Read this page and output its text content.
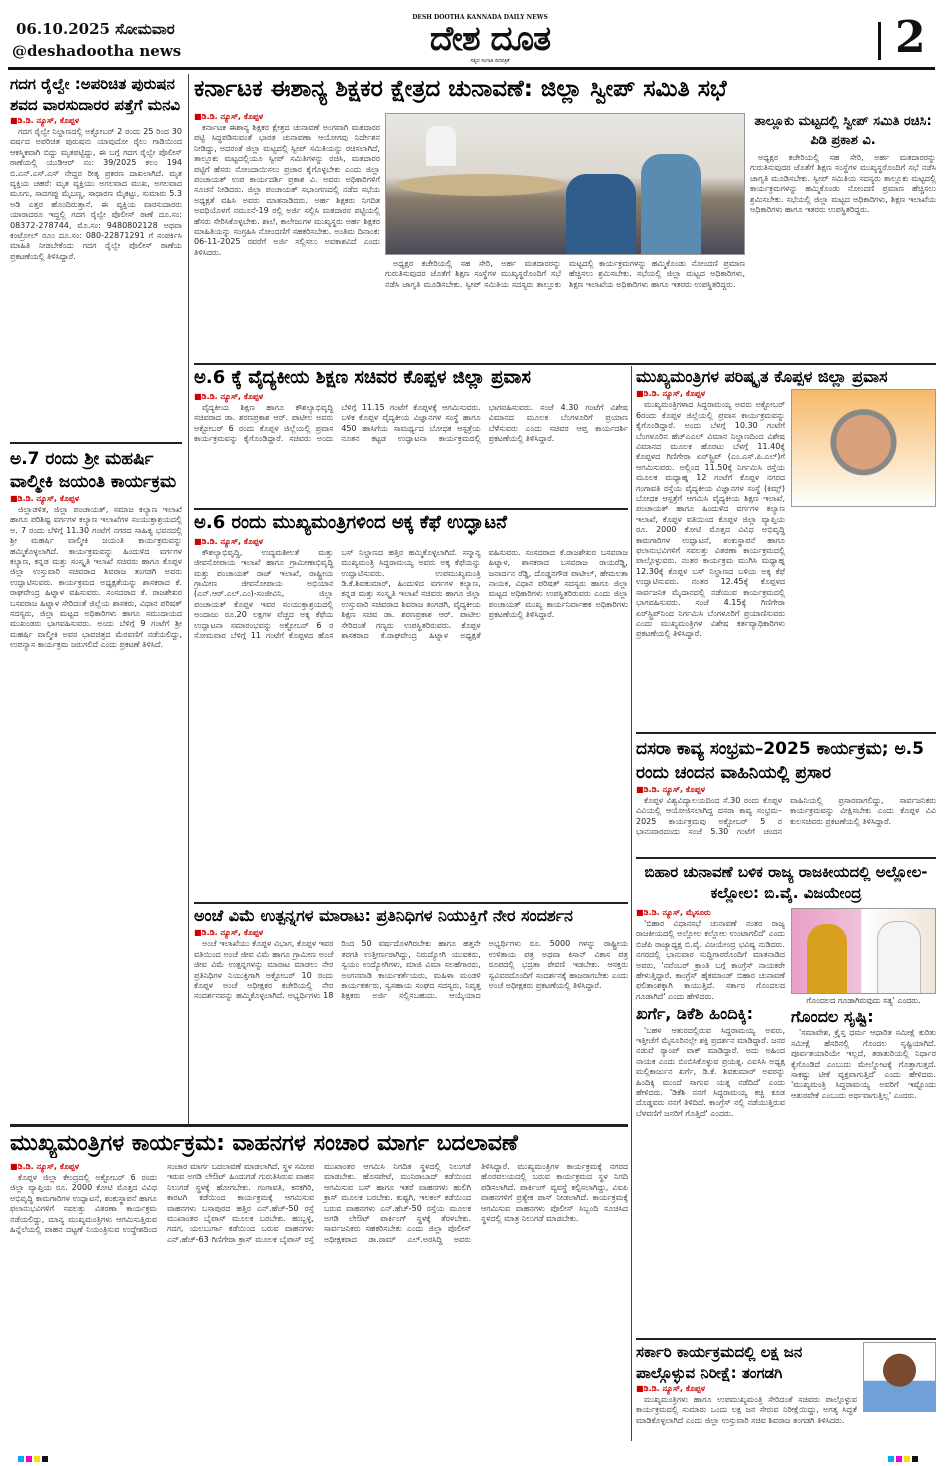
06.10.2025 ಸೋಮವಾರ
@deshadootha news
DESH DOOTHA KANNADA DAILY NEWS
ದೇಶ ದೂತ
ಸತ್ಯದ ಸಂಗಾತಿ ದಿನಪತ್ರಿಕೆ	2
ಗದಗ ರೈಲ್ವೇ :ಅಪರಿಚಿತ ಪುರುಷನ ಶವದ ವಾರಸುದಾರರ ಪತ್ತೆಗೆ ಮನವಿ
■ಡಿ.ಡಿ. ನ್ಯೂಸ್, ಕೊಪ್ಪಳ

ಗದಗ ರೈಲ್ವೇ ನಿಲ್ದಾಣದಲ್ಲಿ ಅಕ್ಟೋಬರ್ 2 ರಂದು 25 ರಿಂದ 30 ವರ್ಷದ ಅಪರಿಚಿತ ಪುರುಷನು ಯಾವುದೋ ರೈಲು ಗಾಡಿಯಿಂದ ಆಕಸ್ಮಿಕವಾಗಿ ಬಿದ್ದು ಮೃತಪಟ್ಟಿದ್ದು, ಈ ಬಗ್ಗೆ ಗದಗ ರೈಲ್ವೇ ಪೊಲೀಸ್ ಠಾಣೆಯಲ್ಲಿ ಯುಡಿಆರ್ ನಂ: 39/2025 ಕಲಂ 194 ಬಿ.ಎನ್.ಎಸ್.ಎಸ್ ನೇದ್ದರ ರೀತ್ಯ ಪ್ರಕರಣ ದಾಖಲಾಗಿದೆ. ಮೃತ ವ್ಯಕ್ತಿಯ ಚಹರೆ: ಮೃತ ವ್ಯಕ್ತಿಯು ಅಗಲವಾದ ಮುಖ, ಅಗಲವಾದ ಮೂಗು, ಸಾದಗಪ್ಪು ಮೈಬಣ್ಣ, ಸಾಧಾರಣ ಮೈಕಟ್ಟು, ಸುಮಾರು 5.3 ಅಡಿ ಎತ್ತರ ಹೊಂದಿರುತ್ತಾನೆ. ಈ ವ್ಯಕ್ತಿಯ ವಾರಸುದಾರರು ಯಾರಾದರೂ ಇದ್ದಲ್ಲಿ ಗದಗ ರೈಲ್ವೇ ಪೊಲೀಸ್ ಠಾಣೆ ದೂ.ಸಂ: 08372-278744, ಮೊ.ಸಂ: 9480802128 ಅಥವಾ ಕಂಟ್ರೋಲ್ ರೂಂ ದೂ.ಸಂ: 080-22871291 ಗೆ ಸಂಪರ್ಕಿಸಿ ಮಾಹಿತಿ ನೀಡಬೇಕೆಂದು ಗದಗ ರೈಲ್ವೇ ಪೊಲೀಸ್ ಠಾಣೆಯ ಪ್ರಕಟಣೆಯಲ್ಲಿ ತಿಳಿಸಿದ್ದಾರೆ.

ಅ.7 ರಂದು ಶ್ರೀ ಮಹರ್ಷಿ ವಾಲ್ಮೀಕಿ ಜಯಂತಿ ಕಾರ್ಯಕ್ರಮ
■ಡಿ.ಡಿ. ನ್ಯೂಸ್, ಕೊಪ್ಪಳ

ಜಿಲ್ಲಾಡಳಿತ, ಜಿಲ್ಲಾ ಪಂಚಾಯತ್, ಸಮಾಜ ಕಲ್ಯಾಣ ಇಲಾಖೆ ಹಾಗೂ ಪರಿಶಿಷ್ಟ ವರ್ಗಗಳ ಕಲ್ಯಾಣ ಇಲಾಖೆಗಳ ಸಂಯುಕ್ತಾಶ್ರಯದಲ್ಲಿ ಅ. 7 ರಂದು ಬೆಳಿಗ್ಗೆ 11.30 ಗಂಟೆಗೆ ನಗರದ ಸಾಹಿತ್ಯ ಭವನದಲ್ಲಿ ಶ್ರೀ ಮಹರ್ಷಿ ವಾಲ್ಮೀಕಿ ಜಯಂತಿ ಕಾರ್ಯಕ್ರಮವನ್ನು ಹಮ್ಮಿಕೊಳ್ಳಲಾಗಿದೆ. ಕಾರ್ಯಕ್ರಮವನ್ನು ಹಿಂದುಳಿದ ವರ್ಗಗಳ ಕಲ್ಯಾಣ, ಕನ್ನಡ ಮತ್ತು ಸಂಸ್ಕೃತಿ ಇಲಾಖೆ ಸಚಿವರು ಹಾಗೂ ಕೊಪ್ಪಳ ಜಿಲ್ಲಾ ಉಸ್ತುವಾರಿ ಸಚಿವರಾದ ಶಿವರಾಜ ತಂಗಡಗಿ ಅವರು ಉದ್ಘಾಟಿಸುವರು. ಕಾರ್ಯಕ್ರಮದ ಅಧ್ಯಕ್ಷತೆಯನ್ನು ಶಾಸಕರಾದ ಕೆ. ರಾಘವೇಂದ್ರ ಹಿಟ್ನಾಳ ವಹಿಸುವರು. ಸಂಸದರಾದ ಕೆ. ರಾಜಶೇಖರ ಬಸವರಾಜ ಹಿಟ್ನಾಳ ಸೇರಿದಂತೆ ಜಿಲ್ಲೆಯ ಶಾಸಕರು, ವಿಧಾನ ಪರಿಷತ್ ಸದಸ್ಯರು, ಜಿಲ್ಲಾ ಮಟ್ಟದ ಅಧಿಕಾರಿಗಳು ಹಾಗೂ ಸಮುದಾಯದ ಮುಖಂಡರು ಭಾಗವಹಿಸುವರು. ಅಂದು ಬೆಳಿಗ್ಗೆ 9 ಗಂಟೆಗೆ ಶ್ರೀ ಮಹರ್ಷಿ ವಾಲ್ಮೀಕಿ ಅವರ ಭಾವಚಿತ್ರದ ಮೆರವಣಿಗೆ ನಡೆಯಲಿದ್ದು, ಉಪನ್ಯಾಸ ಕಾರ್ಯಕ್ರಮ ಜರುಗಲಿದೆ ಎಂದು ಪ್ರಕಟಣೆ ತಿಳಿಸಿದೆ.

ಕರ್ನಾಟಕ ಈಶಾನ್ಯ ಶಿಕ್ಷಕರ ಕ್ಷೇತ್ರದ ಚುನಾವಣೆ: ಜಿಲ್ಲಾ ಸ್ವೀಪ್ ಸಮಿತಿ ಸಭೆ
■ಡಿ.ಡಿ. ನ್ಯೂಸ್, ಕೊಪ್ಪಳ

ಕರ್ನಾಟಕ ಈಶಾನ್ಯ ಶಿಕ್ಷಕರ ಕ್ಷೇತ್ರದ ಚುನಾವಣೆ ಅಂಗವಾಗಿ ಮತದಾರರ ಪಟ್ಟಿ ಸಿದ್ಧಪಡಿಸುವಂತೆ ಭಾರತ ಚುನಾವಣಾ ಆಯೋಗವು ನಿರ್ದೇಶನ ನೀಡಿದ್ದು, ಅದರಂತೆ ಜಿಲ್ಲಾ ಮಟ್ಟದಲ್ಲಿ ಸ್ವೀಪ್ ಸಮಿತಿಯನ್ನು ರಚಿಸಲಾಗಿದೆ, ತಾಲ್ಲೂಕು ಮಟ್ಟದಲ್ಲಿಯೂ ಸ್ವೀಪ್ ಸಮಿತಿಗಳನ್ನು ರಚಿಸಿ, ಮತದಾರರ ಪಟ್ಟಿಗೆ ಹೆಸರು ನೋಂದಾಯಿಸಲು ಪ್ರಚಾರ ಕೈಗೊಳ್ಳಬೇಕು ಎಂದು ಜಿಲ್ಲಾ ಪಂಚಾಯತ್ ಉಪ ಕಾರ್ಯದರ್ಶಿ ಪ್ರಕಾಶ ವಿ. ಅವರು ಅಧಿಕಾರಿಗಳಿಗೆ ಸೂಚನೆ ನೀಡಿದರು. ಜಿಲ್ಲಾ ಪಂಚಾಯತ್ ಸಭಾಂಗಣದಲ್ಲಿ ನಡೆದ ಸಭೆಯ ಅಧ್ಯಕ್ಷತೆ ವಹಿಸಿ ಅವರು ಮಾತನಾಡಿದರು. ಅರ್ಹ ಶಿಕ್ಷಕರು ನಿಗದಿತ ಅವಧಿಯೊಳಗೆ ನಮೂನೆ-19 ರಲ್ಲಿ ಅರ್ಜಿ ಸಲ್ಲಿಸಿ ಮತದಾರರ ಪಟ್ಟಿಯಲ್ಲಿ ಹೆಸರು ಸೇರಿಸಿಕೊಳ್ಳಬೇಕು. ಶಾಲೆ, ಕಾಲೇಜುಗಳ ಮುಖ್ಯಸ್ಥರು ಅರ್ಹ ಶಿಕ್ಷಕರ ಮಾಹಿತಿಯನ್ನು ಸಂಗ್ರಹಿಸಿ ನೋಂದಣಿಗೆ ಸಹಕರಿಸಬೇಕು. ಅಂತಿಮ ದಿನಾಂಕ: 06-11-2025 ರವರೆಗೆ ಅರ್ಜಿ ಸಲ್ಲಿಸಲು ಅವಕಾಶವಿದೆ ಎಂದು ತಿಳಿಸಿದರು.

ಅಧ್ಯಕ್ಷರ ಕಚೇರಿಯಲ್ಲಿ ಸಹ ಸೇರಿ, ಅರ್ಹ ಮತದಾರರನ್ನು ಗುರುತಿಸುವುದರ ಜೊತೆಗೆ ಶಿಕ್ಷಣ ಸಂಸ್ಥೆಗಳ ಮುಖ್ಯಸ್ಥರೊಂದಿಗೆ ಸಭೆ ನಡೆಸಿ ಜಾಗೃತಿ ಮೂಡಿಸಬೇಕು. ಸ್ವೀಪ್ ಸಮಿತಿಯ ಸದಸ್ಯರು ತಾಲ್ಲೂಕು ಮಟ್ಟದಲ್ಲಿ ಕಾರ್ಯಕ್ರಮಗಳನ್ನು ಹಮ್ಮಿಕೊಂಡು ನೋಂದಣಿ ಪ್ರಮಾಣ ಹೆಚ್ಚಿಸಲು ಶ್ರಮಿಸಬೇಕು. ಸಭೆಯಲ್ಲಿ ಜಿಲ್ಲಾ ಮಟ್ಟದ ಅಧಿಕಾರಿಗಳು, ಶಿಕ್ಷಣ ಇಲಾಖೆಯ ಅಧಿಕಾರಿಗಳು ಹಾಗೂ ಇತರರು ಉಪಸ್ಥಿತರಿದ್ದರು.

ತಾಲ್ಲೂಕು ಮಟ್ಟದಲ್ಲಿ ಸ್ವೀಪ್ ಸಮಿತಿ ರಚಿಸಿ: ಪಿಡಿ ಪ್ರಕಾಶ ವಿ.

ಅಧ್ಯಕ್ಷರ ಕಚೇರಿಯಲ್ಲಿ ಸಹ ಸೇರಿ, ಅರ್ಹ ಮತದಾರರನ್ನು ಗುರುತಿಸುವುದರ ಜೊತೆಗೆ ಶಿಕ್ಷಣ ಸಂಸ್ಥೆಗಳ ಮುಖ್ಯಸ್ಥರೊಂದಿಗೆ ಸಭೆ ನಡೆಸಿ ಜಾಗೃತಿ ಮೂಡಿಸಬೇಕು. ಸ್ವೀಪ್ ಸಮಿತಿಯ ಸದಸ್ಯರು ತಾಲ್ಲೂಕು ಮಟ್ಟದಲ್ಲಿ ಕಾರ್ಯಕ್ರಮಗಳನ್ನು ಹಮ್ಮಿಕೊಂಡು ನೋಂದಣಿ ಪ್ರಮಾಣ ಹೆಚ್ಚಿಸಲು ಶ್ರಮಿಸಬೇಕು. ಸಭೆಯಲ್ಲಿ ಜಿಲ್ಲಾ ಮಟ್ಟದ ಅಧಿಕಾರಿಗಳು, ಶಿಕ್ಷಣ ಇಲಾಖೆಯ ಅಧಿಕಾರಿಗಳು ಹಾಗೂ ಇತರರು ಉಪಸ್ಥಿತರಿದ್ದರು.

ಅ.6 ಕ್ಕೆ ವೈದ್ಯಕೀಯ ಶಿಕ್ಷಣ ಸಚಿವರ ಕೊಪ್ಪಳ ಜಿಲ್ಲಾ ಪ್ರವಾಸ
■ಡಿ.ಡಿ. ನ್ಯೂಸ್, ಕೊಪ್ಪಳ

ವೈದ್ಯಕೀಯ ಶಿಕ್ಷಣ ಹಾಗೂ ಕೌಶಲ್ಯಾಭಿವೃದ್ಧಿ ಸಚಿವರಾದ ಡಾ. ಶರಣಪ್ರಕಾಶ ಆರ್. ಪಾಟೀಲ ಅವರು ಅಕ್ಟೋಬರ್ 6 ರಂದು ಕೊಪ್ಪಳ ಜಿಲ್ಲೆಯಲ್ಲಿ ಪ್ರವಾಸ ಕಾರ್ಯಕ್ರಮವನ್ನು ಕೈಗೊಂಡಿದ್ದಾರೆ. ಸಚಿವರು ಅಂದು ಬೆಳಿಗ್ಗೆ 11.15 ಗಂಟೆಗೆ ಕೊಪ್ಪಳಕ್ಕೆ ಆಗಮಿಸುವರು. ಬಳಿಕ ಕೊಪ್ಪಳ ವೈದ್ಯಕೀಯ ವಿಜ್ಞಾನಗಳ ಸಂಸ್ಥೆ ಹಾಗೂ 450 ಹಾಸಿಗೆಯ ಸಾಮರ್ಥ್ಯದ ಬೋಧಕ ಆಸ್ಪತ್ರೆಯ ನೂತನ ಕಟ್ಟಡ ಉದ್ಘಾಟನಾ ಕಾರ್ಯಕ್ರಮದಲ್ಲಿ ಭಾಗವಹಿಸುವರು. ಸಂಜೆ 4.30 ಗಂಟೆಗೆ ವಿಶೇಷ ವಿಮಾನದ ಮೂಲಕ ಬೆಂಗಳೂರಿಗೆ ಪ್ರಯಾಣ ಬೆಳೆಸುವರು ಎಂದು ಸಚಿವರ ಆಪ್ತ ಕಾರ್ಯದರ್ಶಿ ಪ್ರಕಟಣೆಯಲ್ಲಿ ತಿಳಿಸಿದ್ದಾರೆ.

ಅ.6 ರಂದು ಮುಖ್ಯಮಂತ್ರಿಗಳಿಂದ ಅಕ್ಕ ಕೆಫೆ ಉದ್ಘಾಟನೆ
■ಡಿ.ಡಿ. ನ್ಯೂಸ್, ಕೊಪ್ಪಳ

ಕೌಶಲ್ಯಾಭಿವೃದ್ಧಿ, ಉದ್ಯಮಶೀಲತೆ ಮತ್ತು ಜೀವನೋಪಾಯ ಇಲಾಖೆ ಹಾಗೂ ಗ್ರಾಮೀಣಾಭಿವೃದ್ಧಿ ಮತ್ತು ಪಂಚಾಯತ್ ರಾಜ್ ಇಲಾಖೆ, ರಾಷ್ಟ್ರೀಯ ಗ್ರಾಮೀಣ ಜೀವನೋಪಾಯ ಅಭಿಯಾನ (ಎನ್.ಆರ್.ಎಲ್.ಎಂ)-ಸಂಜೀವಿನಿ, ಜಿಲ್ಲಾ ಪಂಚಾಯತ್ ಕೊಪ್ಪಳ ಇವರ ಸಂಯುಕ್ತಾಶ್ರಯದಲ್ಲಿ ಅಂದಾಜು ರೂ.20 ಲಕ್ಷಗಳ ವೆಚ್ಚದ ಅಕ್ಕ ಕೆಫೆಯ ಉದ್ಘಾಟನಾ ಸಮಾರಂಭವನ್ನು ಅಕ್ಟೋಬರ್ 6 ರ ಸೋಮವಾರ ಬೆಳಿಗ್ಗೆ 11 ಗಂಟೆಗೆ ಕೊಪ್ಪಳದ ಹೊಸ ಬಸ್ ನಿಲ್ದಾಣದ ಹತ್ತಿರ ಹಮ್ಮಿಕೊಳ್ಳಲಾಗಿದೆ. ಸನ್ಮಾನ್ಯ ಮುಖ್ಯಮಂತ್ರಿ ಸಿದ್ದರಾಮಯ್ಯ ಅವರು ಅಕ್ಕ ಕೆಫೆಯನ್ನು ಉದ್ಘಾಟಿಸುವರು. ಉಪಮುಖ್ಯಮಂತ್ರಿ ಡಿ.ಕೆ.ಶಿವಕುಮಾರ್, ಹಿಂದುಳಿದ ವರ್ಗಗಳ ಕಲ್ಯಾಣ, ಕನ್ನಡ ಮತ್ತು ಸಂಸ್ಕೃತಿ ಇಲಾಖೆ ಸಚಿವರು ಹಾಗೂ ಜಿಲ್ಲಾ ಉಸ್ತುವಾರಿ ಸಚಿವರಾದ ಶಿವರಾಜ ತಂಗಡಗಿ, ವೈದ್ಯಕೀಯ ಶಿಕ್ಷಣ ಸಚಿವ ಡಾ. ಶರಣಪ್ರಕಾಶ ಆರ್. ಪಾಟೀಲ ಸೇರಿದಂತೆ ಗಣ್ಯರು ಉಪಸ್ಥಿತರಿರುವರು. ಕೊಪ್ಪಳ ಶಾಸಕರಾದ ಕೆ.ರಾಘವೇಂದ್ರ ಹಿಟ್ನಾಳ ಅಧ್ಯಕ್ಷತೆ ವಹಿಸುವರು. ಸಂಸದರಾದ ಕೆ.ರಾಜಶೇಖರ ಬಸವರಾಜ ಹಿಟ್ನಾಳ, ಶಾಸಕರಾದ ಬಸವರಾಜ ರಾಯರೆಡ್ಡಿ, ಜನಾರ್ದನ ರೆಡ್ಡಿ, ದೊಡ್ಡನಗೌಡ ಪಾಟೀಲ್, ಹೇಮಲತಾ ನಾಯಕ, ವಿಧಾನ ಪರಿಷತ್ ಸದಸ್ಯರು ಹಾಗೂ ಜಿಲ್ಲಾ ಮಟ್ಟದ ಅಧಿಕಾರಿಗಳು ಉಪಸ್ಥಿತರಿರುವರು ಎಂದು ಜಿಲ್ಲಾ ಪಂಚಾಯತ್ ಮುಖ್ಯ ಕಾರ್ಯನಿರ್ವಾಹಕ ಅಧಿಕಾರಿಗಳು ಪ್ರಕಟಣೆಯಲ್ಲಿ ತಿಳಿಸಿದ್ದಾರೆ.

ಅಂಚೆ ವಿಮೆ ಉತ್ಪನ್ನಗಳ ಮಾರಾಟ: ಪ್ರತಿನಿಧಿಗಳ ನಿಯುಕ್ತಿಗೆ ನೇರ ಸಂದರ್ಶನ
■ಡಿ.ಡಿ. ನ್ಯೂಸ್, ಕೊಪ್ಪಳ

ಅಂಚೆ ಇಲಾಖೆಯು ಕೊಪ್ಪಳ ವಿಭಾಗ, ಕೊಪ್ಪಳ ಇವರ ವತಿಯಿಂದ ಅಂಚೆ ಜೀವ ವಿಮೆ ಹಾಗೂ ಗ್ರಾಮೀಣ ಅಂಚೆ ಜೀವ ವಿಮೆ ಉತ್ಪನ್ನಗಳನ್ನು ಮಾರಾಟ ಮಾಡಲು ನೇರ ಪ್ರತಿನಿಧಿಗಳ ನಿಯುಕ್ತಿಗಾಗಿ ಅಕ್ಟೋಬರ್ 10 ರಂದು ಕೊಪ್ಪಳ ಅಂಚೆ ಅಧೀಕ್ಷಕರ ಕಚೇರಿಯಲ್ಲಿ ನೇರ ಸಂದರ್ಶನವನ್ನು ಹಮ್ಮಿಕೊಳ್ಳಲಾಗಿದೆ. ಅಭ್ಯರ್ಥಿಗಳು 18 ರಿಂದ 50 ವರ್ಷದೊಳಗಿರಬೇಕು ಹಾಗೂ ಹತ್ತನೇ ತರಗತಿ ಉತ್ತೀರ್ಣರಾಗಿದ್ದು, ನಿರುದ್ಯೋಗಿ ಯುವಕರು, ಸ್ವಯಂ ಉದ್ಯೋಗಿಗಳು, ಮಾಜಿ ವಿಮಾ ಸಲಹೆಗಾರರು, ಅಂಗನವಾಡಿ ಕಾರ್ಯಕರ್ತೆಯರು, ಮಹಿಳಾ ಮಂಡಳಿ ಕಾರ್ಯಕರ್ತರು, ಸ್ವಸಹಾಯ ಸಂಘದ ಸದಸ್ಯರು, ನಿವೃತ್ತ ಶಿಕ್ಷಕರು ಅರ್ಜಿ ಸಲ್ಲಿಸಬಹುದು. ಆಯ್ಕೆಯಾದ ಅಭ್ಯರ್ಥಿಗಳು ರೂ. 5000 ಗಳನ್ನು ರಾಷ್ಟ್ರೀಯ ಉಳಿತಾಯ ಪತ್ರ ಅಥವಾ ಕಿಸಾನ್ ವಿಕಾಸ ಪತ್ರ ರೂಪದಲ್ಲಿ ಭದ್ರತಾ ಠೇವಣಿ ಇಡಬೇಕು. ಆಸಕ್ತರು ಸ್ವವಿವರದೊಂದಿಗೆ ಸಂದರ್ಶನಕ್ಕೆ ಹಾಜರಾಗಬೇಕು ಎಂದು ಅಂಚೆ ಅಧೀಕ್ಷಕರು ಪ್ರಕಟಣೆಯಲ್ಲಿ ತಿಳಿಸಿದ್ದಾರೆ.

ಮುಖ್ಯಮಂತ್ರಿಗಳ ಪರಿಷ್ಕೃತ ಕೊಪ್ಪಳ ಜಿಲ್ಲಾ ಪ್ರವಾಸ
■ಡಿ.ಡಿ. ನ್ಯೂಸ್, ಕೊಪ್ಪಳ

ಮುಖ್ಯಮಂತ್ರಿಗಳಾದ ಸಿದ್ದರಾಮಯ್ಯ ಅವರು ಅಕ್ಟೋಬರ್ 6ರಂದು ಕೊಪ್ಪಳ ಜಿಲ್ಲೆಯಲ್ಲಿ ಪ್ರವಾಸ ಕಾರ್ಯಕ್ರಮವನ್ನು ಕೈಗೊಂಡಿದ್ದಾರೆ. ಅಂದು ಬೆಳಗ್ಗೆ 10.30 ಗಂಟೆಗೆ ಬೆಂಗಳೂರಿನ ಹೆಚ್‌ಎಎಲ್ ವಿಮಾನ ನಿಲ್ದಾಣದಿಂದ ವಿಶೇಷ ವಿಮಾನದ ಮೂಲಕ ಹೊರಟು ಬೆಳಗ್ಗೆ 11.40ಕ್ಕೆ ಕೊಪ್ಪಳದ ಗಿಣಿಗೇರಾ ಏರ್‌ಸ್ಟ್ರಿಪ್ (ಎಂ.ಎಸ್.ಪಿ.ಎಲ್)ಗೆ ಆಗಮಿಸುವರು. ಅಲ್ಲಿಂದ 11.50ಕ್ಕೆ ನಿರ್ಗಮಿಸಿ ರಸ್ತೆಯ ಮೂಲಕ ಮಧ್ಯಾಹ್ನ 12 ಗಂಟೆಗೆ ಕೊಪ್ಪಳ ನಗರದ ಗಂಗಾವತಿ ರಸ್ತೆಯ ವೈದ್ಯಕೀಯ ವಿಜ್ಞಾನಗಳ ಸಂಸ್ಥೆ (ಕಿಮ್ಸ್) ಬೋಧಕ ಆಸ್ಪತ್ರೆಗೆ ಆಗಮಿಸಿ ವೈದ್ಯಕೀಯ ಶಿಕ್ಷಣ ಇಲಾಖೆ, ಪಂಚಾಯತ್ ಹಾಗೂ ಹಿಂದುಳಿದ ವರ್ಗಗಳ ಕಲ್ಯಾಣ ಇಲಾಖೆ, ಕೊಪ್ಪಳ ವತಿಯಿಂದ ಕೊಪ್ಪಳ ಜಿಲ್ಲಾ ವ್ಯಾಪ್ತಿಯ ರೂ. 2000 ಕೋಟಿ ಮೊತ್ತದ ವಿವಿಧ ಅಭಿವೃದ್ಧಿ ಕಾಮಗಾರಿಗಳ ಉದ್ಘಾಟನೆ, ಶಂಕುಸ್ಥಾಪನೆ ಹಾಗೂ ಫಲಾನುಭವಿಗಳಿಗೆ ಸವಲತ್ತು ವಿತರಣಾ ಕಾರ್ಯಕ್ರಮದಲ್ಲಿ ಪಾಲ್ಗೊಳ್ಳುವರು. ನಂತರ ಕಾರ್ಯಕ್ರಮ ಮುಗಿಸಿ ಮಧ್ಯಾಹ್ನ 12.30ಕ್ಕೆ ಕೊಪ್ಪಳ ಬಸ್ ನಿಲ್ದಾಣದ ಬಳಿಯ ಅಕ್ಕ ಕೆಫೆ ಉದ್ಘಾಟಿಸುವರು. ನಂತರ 12.45ಕ್ಕೆ ಕೊಪ್ಪಳದ ಸಾರ್ವಜನಿಕ ಮೈದಾನದಲ್ಲಿ ನಡೆಯುವ ಕಾರ್ಯಕ್ರಮದಲ್ಲಿ ಭಾಗವಹಿಸುವರು. ಸಂಜೆ 4.15ಕ್ಕೆ ಗಿಣಿಗೇರಾ ಏರ್‌ಸ್ಟ್ರಿಪ್‌ನಿಂದ ನಿರ್ಗಮಿಸಿ ಬೆಂಗಳೂರಿಗೆ ಪ್ರಯಾಣಿಸುವರು ಎಂದು ಮುಖ್ಯಮಂತ್ರಿಗಳ ವಿಶೇಷ ಕರ್ತವ್ಯಾಧಿಕಾರಿಗಳು ಪ್ರಕಟಣೆಯಲ್ಲಿ ತಿಳಿಸಿದ್ದಾರೆ.

ದಸರಾ ಕಾವ್ಯ ಸಂಭ್ರಮ–2025 ಕಾರ್ಯಕ್ರಮ; ಅ.5 ರಂದು ಚಂದನ ವಾಹಿನಿಯಲ್ಲಿ ಪ್ರಸಾರ
■ಡಿ.ಡಿ. ನ್ಯೂಸ್, ಕೊಪ್ಪಳ

ಕೊಪ್ಪಳ ವಿಶ್ವವಿದ್ಯಾಲಯದಿಂದ ಸೆ.30 ರಂದು ಕೊಪ್ಪಳ ವಿವಿಯಲ್ಲಿ ಆಯೋಜಿಸಲಾಗಿದ್ದ ದಸರಾ ಕಾವ್ಯ ಸಂಭ್ರಮ–2025 ಕಾರ್ಯಕ್ರಮವು ಅಕ್ಟೋಬರ್ 5 ರ ಭಾನುವಾರದಂದು ಸಂಜೆ 5.30 ಗಂಟೆಗೆ ಚಂದನ ವಾಹಿನಿಯಲ್ಲಿ ಪ್ರಸಾರವಾಗಲಿದ್ದು, ಸಾರ್ವಜನಿಕರು ಕಾರ್ಯಕ್ರಮವನ್ನು ವೀಕ್ಷಿಸಬೇಕು ಎಂದು ಕೊಪ್ಪಳ ವಿವಿ ಕುಲಸಚಿವರು ಪ್ರಕಟಣೆಯಲ್ಲಿ ತಿಳಿಸಿದ್ದಾರೆ.

ಬಿಹಾರ ಚುನಾವಣೆ ಬಳಿಕ ರಾಜ್ಯ ರಾಜಕೀಯದಲ್ಲಿ ಅಲ್ಲೋಲ-ಕಲ್ಲೋಲ: ಬಿ.ವೈ. ವಿಜಯೇಂದ್ರ
■ಡಿ.ಡಿ. ನ್ಯೂಸ್, ಮೈಸೂರು

'ಬಿಹಾರ ವಿಧಾನಸಭೆ ಚುನಾವಣೆ ನಂತರ ರಾಜ್ಯ ರಾಜಕೀಯದಲ್ಲಿ ಅಲ್ಲೋಲ ಕಲ್ಲೋಲ ಉಂಟಾಗಲಿದೆ' ಎಂದು ಬಿಜೆಪಿ ರಾಜ್ಯಾಧ್ಯಕ್ಷ ಬಿ.ವೈ. ವಿಜಯೇಂದ್ರ ಭವಿಷ್ಯ ನುಡಿದರು. ನಗರದಲ್ಲಿ ಭಾನುವಾರ ಸುದ್ದಿಗಾರರೊಂದಿಗೆ ಮಾತನಾಡಿದ ಅವರು, 'ನವೆಂಬರ್ ಕ್ರಾಂತಿ ಬಗ್ಗೆ ಕಾಂಗ್ರೆಸ್ ನಾಯಕರೇ ಹೇಳುತ್ತಿದ್ದಾರೆ. ಕಾಂಗ್ರೆಸ್ ಹೈಕಮಾಂಡ್ ಬಿಹಾರ ಚುನಾವಣೆ ಫಲಿತಾಂಶಕ್ಕಾಗಿ ಕಾಯುತ್ತಿದೆ. ಸರ್ಕಾರ ಗೊಂದಲದ ಗೂಡಾಗಿದೆ' ಎಂದು ಹೇಳಿದರು.

ಖರ್ಗೆ, ಡಿಕೆಶಿ ಹಿಂದಿಕ್ಕಿ:

'ಬಹಳ ಆತುರದಲ್ಲಿರುವ ಸಿದ್ದರಾಮಯ್ಯ ಅವರು, ಇತ್ತೀಚೆಗೆ ಮೈಸೂರಿನಲ್ಲೇ ಶಕ್ತಿ ಪ್ರದರ್ಶನ ಮಾಡಿದ್ದಾರೆ. ಜನರ ನಡುವೆ ರ‍್ಯಾಂಪ್ ವಾಕ್ ಮಾಡಿದ್ದಾರೆ. ಅದು ಅಹಿಂದ ನಾಯಕ ಎಂದು ಬಿಂಬಿಸಿಕೊಳ್ಳುವ ಪ್ರಯತ್ನ. ಎಐಸಿಸಿ ಅಧ್ಯಕ್ಷ ಮಲ್ಲಿಕಾರ್ಜುನ ಖರ್ಗೆ, ಡಿ.ಕೆ. ಶಿವಕುಮಾರ್ ಅವರನ್ನು ಹಿಂದಿಕ್ಕಿ ಮುಂದೆ ಸಾಗುವ ಯತ್ನ ನಡೆದಿದೆ' ಎಂದು ಹೇಳಿದರು. 'ಡಿಕೆಶಿ ನನಗೆ ಸಿದ್ದರಾಮಯ್ಯ ಕಚ್ಚಿ ಕೂಡ ದೊಡ್ಡವರು ನನಗೆ ತಿಳಿದಿದೆ. ಕಾಂಗ್ರೆಸ್ ನಲ್ಲಿ ನಡೆಯುತ್ತಿರುವ ಬೆಳವಣಿಗೆ ಜನರಿಗೆ ಗೊತ್ತಿದೆ' ಎಂದರು.

ಗೊಂದಲದ ಗೂಡಾಗಿರುವುದು ಸತ್ಯ' ಎಂದರು.
ಗೊಂದಲ ಸೃಷ್ಟಿ:

'ಸಮಾವೇಶ, ಕ್ರೈಸ್ತ ಧರ್ಮ ಆಧಾರಿತ ಸಮೀಕ್ಷೆ ಕುರಿತು ಸಮೀಕ್ಷೆ ಹೆಸರಿನಲ್ಲಿ ಗೊಂದಲ ಸೃಷ್ಟಿಯಾಗಿದೆ. ಪೂರ್ವತಯಾರಿಯೇ ಇಲ್ಲದೆ, ತರಾತುರಿಯಲ್ಲಿ ನಿರ್ಧಾರ ಕೈಗೊಂಡಿದೆ ಎಂಬುದು ಮೇಲ್ನೋಟಕ್ಕೆ ಗೊತ್ತಾಗುತ್ತದೆ. ಸಾಕಷ್ಟು ಟೀಕೆ ವ್ಯಕ್ತವಾಗುತ್ತಿದೆ' ಎಂದು ಹೇಳಿದರು. 'ಮುಖ್ಯಮಂತ್ರಿ ಸಿದ್ದರಾಮಯ್ಯ ಅವರಿಗೆ ಇಷ್ಟೊಂದು ಆತುರವೇಕೆ ಎಂಬುದು ಅರ್ಥವಾಗುತ್ತಿಲ್ಲ' ಎಂದರು.

ಸರ್ಕಾರಿ ಕಾರ್ಯಕ್ರಮದಲ್ಲಿ ಲಕ್ಷ ಜನ ಪಾಲ್ಗೊಳ್ಳುವ ನಿರೀಕ್ಷೆ: ತಂಗಡಗಿ
■ಡಿ.ಡಿ. ನ್ಯೂಸ್, ಕೊಪ್ಪಳ

ಮುಖ್ಯಮಂತ್ರಿಗಳು ಹಾಗೂ ಉಪಮುಖ್ಯಮಂತ್ರಿ ಸೇರಿದಂತೆ ಸಚಿವರು ಪಾಲ್ಗೊಳ್ಳುವ ಕಾರ್ಯಕ್ರಮದಲ್ಲಿ ಸುಮಾರು ಒಂದು ಲಕ್ಷ ಜನ ಸೇರುವ ನಿರೀಕ್ಷೆಯಿದ್ದು, ಅಗತ್ಯ ಸಿದ್ಧತೆ ಮಾಡಿಕೊಳ್ಳಲಾಗಿದೆ ಎಂದು ಜಿಲ್ಲಾ ಉಸ್ತುವಾರಿ ಸಚಿವ ಶಿವರಾಜ ತಂಗಡಗಿ ತಿಳಿಸಿದರು.

ಮುಖ್ಯಮಂತ್ರಿಗಳ ಕಾರ್ಯಕ್ರಮ: ವಾಹನಗಳ ಸಂಚಾರ ಮಾರ್ಗ ಬದಲಾವಣೆ
■ಡಿ.ಡಿ. ನ್ಯೂಸ್, ಕೊಪ್ಪಳ

ಕೊಪ್ಪಳ ಜಿಲ್ಲಾ ಕೇಂದ್ರದಲ್ಲಿ ಅಕ್ಟೋಬರ್ 6 ರಂದು ಜಿಲ್ಲಾ ವ್ಯಾಪ್ತಿಯ ರೂ. 2000 ಕೋಟಿ ಮೊತ್ತದ ವಿವಿಧ ಅಭಿವೃದ್ಧಿ ಕಾಮಗಾರಿಗಳ ಉದ್ಘಾಟನೆ, ಶಂಕುಸ್ಥಾಪನೆ ಹಾಗೂ ಫಲಾನುಭವಿಗಳಿಗೆ ಸವಲತ್ತು ವಿತರಣಾ ಕಾರ್ಯಕ್ರಮ ನಡೆಯಲಿದ್ದು, ಮಾನ್ಯ ಮುಖ್ಯಮಂತ್ರಿಗಳು ಆಗಮಿಸುತ್ತಿರುವ ಹಿನ್ನೆಲೆಯಲ್ಲಿ ವಾಹನ ದಟ್ಟಣೆ ನಿಯಂತ್ರಿಸುವ ಉದ್ದೇಶದಿಂದ ಸಂಚಾರ ಮಾರ್ಗ ಬದಲಾವಣೆ ಮಾಡಲಾಗಿದೆ. ಸ್ಥಳ ಸಮೀಪ ಇರುವ ಅಗಡಿ ಲೇಔಟ್ ಹಿಂದುಗಡೆ ಗುರುತಿಸಿರುವ ವಾಹನ ನಿಲುಗಡೆ ಸ್ಥಳಕ್ಕೆ ಹೋಗಬೇಕು. ಗಂಗಾವತಿ, ಕನಕಗಿರಿ, ಕಾರಟಗಿ ಕಡೆಯಿಂದ ಕಾರ್ಯಕ್ರಮಕ್ಕೆ ಆಗಮಿಸುವ ವಾಹನಗಳು ಬಸಾಪುರದ ಹತ್ತಿರ ಎನ್.ಹೆಚ್-50 ರಸ್ತೆ ಮುಖಾಂತರ ಬೈಪಾಸ್ ಮೂಲಕ ಬರಬೇಕು. ಹುಬ್ಬಳ್ಳಿ, ಗದಗ, ಯಲಬುರ್ಗಾ ಕಡೆಯಿಂದ ಬರುವ ವಾಹನಗಳು ಎನ್.ಹೆಚ್-63 ಗಿಣಿಗೇರಾ ಕ್ರಾಸ್ ಮೂಲಕ ಬೈಪಾಸ್ ರಸ್ತೆ ಮುಖಾಂತರ ಆಗಮಿಸಿ ನಿಗದಿತ ಸ್ಥಳದಲ್ಲಿ ನಿಲುಗಡೆ ಮಾಡಬೇಕು. ಹೊಸಪೇಟೆ, ಮುನಿರಾಬಾದ್ ಕಡೆಯಿಂದ ಆಗಮಿಸುವ ಬಸ್ ಹಾಗೂ ಇತರೆ ವಾಹನಗಳು ಹುಲಿಗಿ ಕ್ರಾಸ್ ಮೂಲಕ ಬರಬೇಕು. ಕುಷ್ಟಗಿ, ಇಲಕಲ್ ಕಡೆಯಿಂದ ಬರುವ ವಾಹನಗಳು ಎನ್.ಹೆಚ್-50 ರಸ್ತೆಯ ಮೂಲಕ ಅಗಡಿ ಲೇಔಟ್ ಪಾರ್ಕಿಂಗ್ ಸ್ಥಳಕ್ಕೆ ತೆರಳಬೇಕು. ಸಾರ್ವಜನಿಕರು ಸಹಕರಿಸಬೇಕು ಎಂದು ಜಿಲ್ಲಾ ಪೊಲೀಸ್ ಅಧೀಕ್ಷಕರಾದ ಡಾ.ರಾಮ್ ಎಲ್.ಅರಸಿದ್ದಿ ಅವರು ತಿಳಿಸಿದ್ದಾರೆ. ಮುಖ್ಯಮಂತ್ರಿಗಳ ಕಾರ್ಯಕ್ರಮಕ್ಕೆ ನಗರದ ಹೊರವಲಯದಲ್ಲಿ ಬರುವ ಕಾರ್ಯಕ್ರಮದ ಸ್ಥಳ ನಿಗದಿ ಪಡಿಸಲಾಗಿದೆ. ಪಾರ್ಕಿಂಗ್ ವ್ಯವಸ್ಥೆ ಕಲ್ಪಿಸಲಾಗಿದ್ದು, ವಿಐಪಿ ವಾಹನಗಳಿಗೆ ಪ್ರತ್ಯೇಕ ಪಾಸ್ ನೀಡಲಾಗಿದೆ. ಕಾರ್ಯಕ್ರಮಕ್ಕೆ ಆಗಮಿಸುವ ವಾಹನಗಳು ಪೊಲೀಸ್ ಸಿಬ್ಬಂದಿ ಸೂಚಿಸಿದ ಸ್ಥಳದಲ್ಲಿ ಮಾತ್ರ ನಿಲುಗಡೆ ಮಾಡಬೇಕು.
